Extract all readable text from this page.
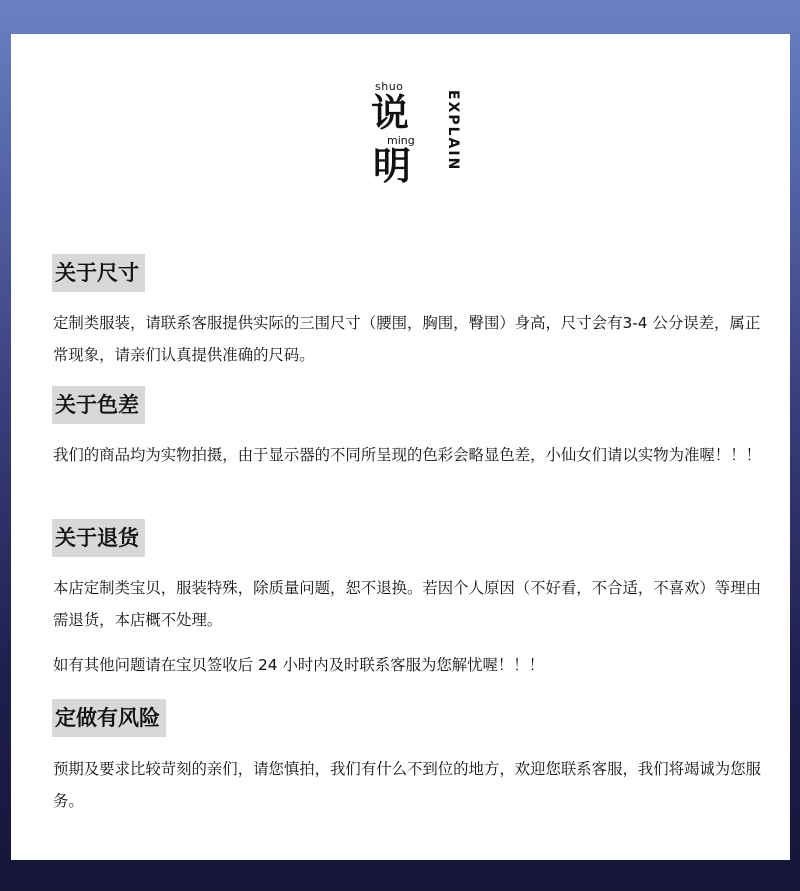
shuo
说
ming
明 EXPLAIN
关于尺寸
定制类服装，请联系客服提供实际的三围尺寸（腰围，胸围，臀围）身高，尺寸会有3-4 公分误差，属正常现象，请亲们认真提供准确的尺码。
关于色差
我们的商品均为实物拍摄，由于显示器的不同所呈现的色彩会略显色差，小仙女们请以实物为准喔！！！
关于退货
本店定制类宝贝，服装特殊，除质量问题，恕不退换。若因个人原因（不好看，不合适，不喜欢）等理由需退货，本店概不处理。
如有其他问题请在宝贝签收后 24 小时内及时联系客服为您解忧喔！！！
定做有风险
预期及要求比较苛刻的亲们，请您慎拍，我们有什么不到位的地方，欢迎您联系客服，我们将竭诚为您服务。
